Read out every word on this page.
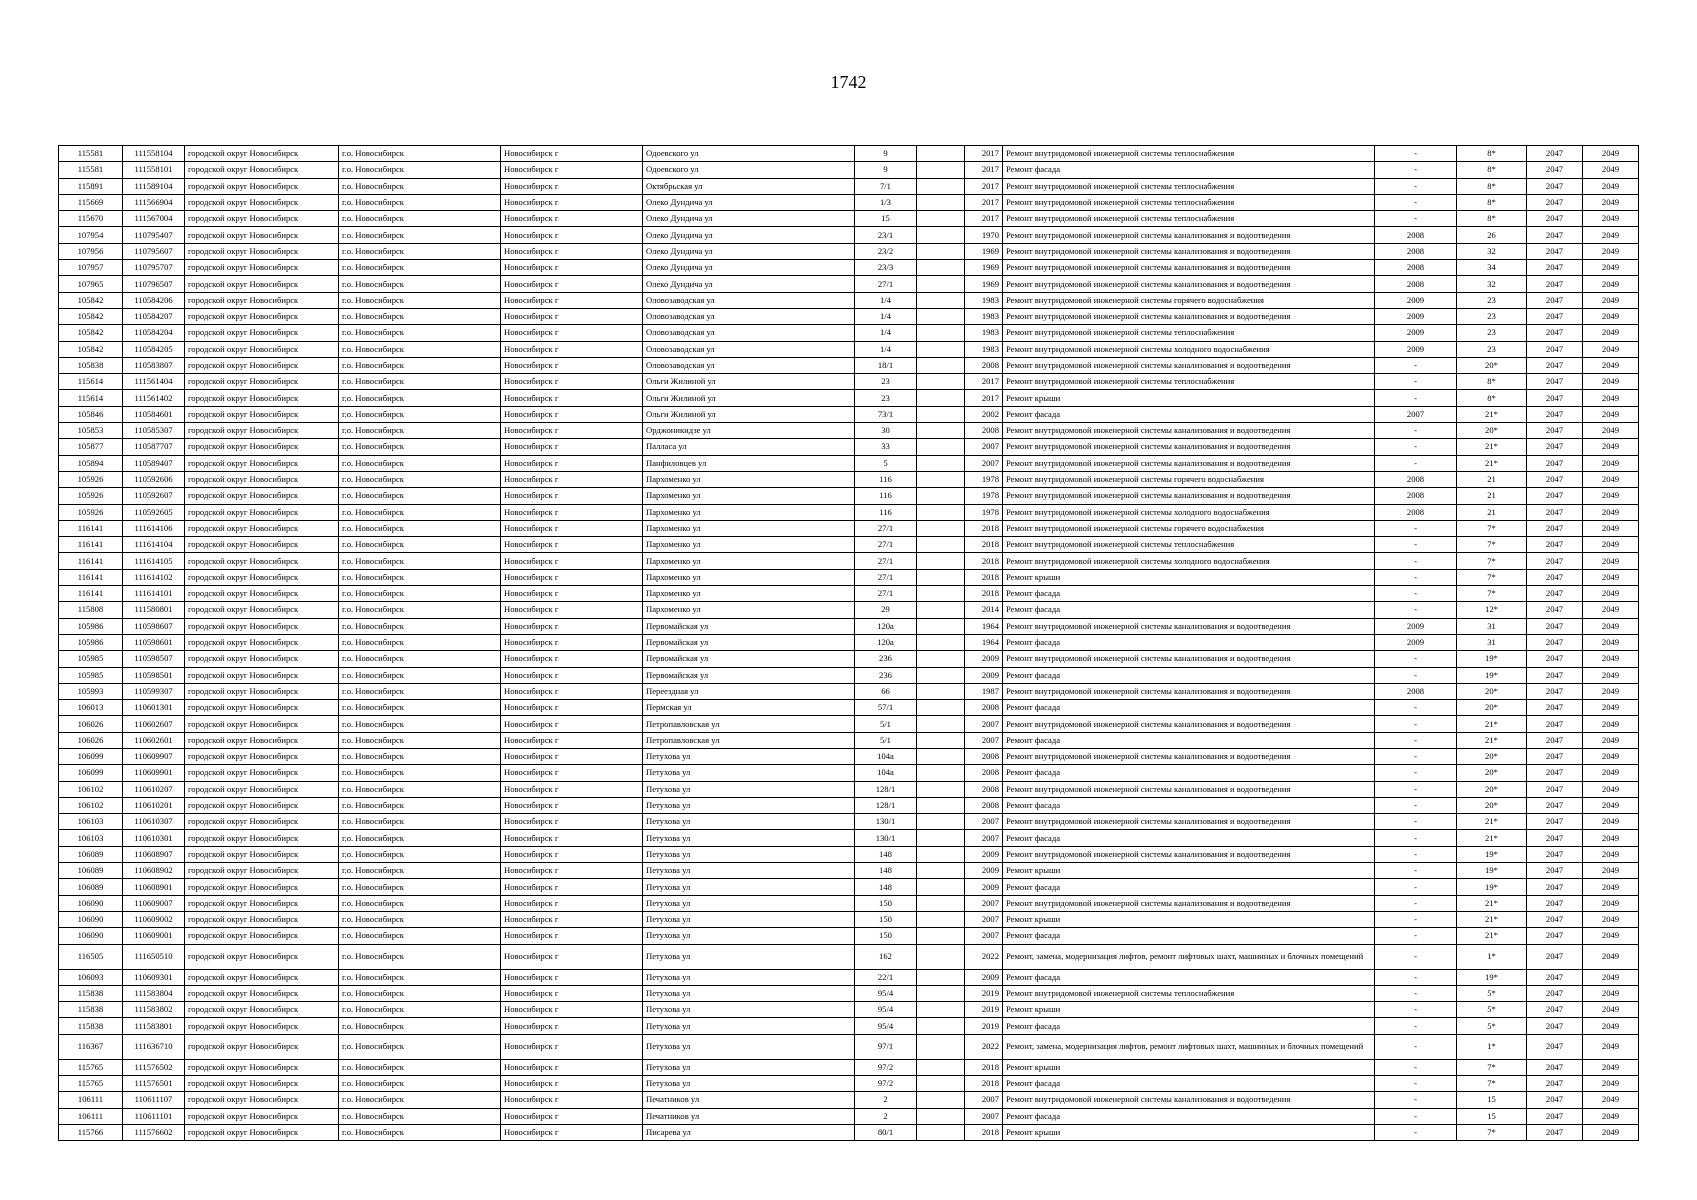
1742
115581	111558104	городской округ Новосибирск	г.о. Новосибирск	Новосибирск г	Одоевского ул	9		2017	Ремонт внутридомовой инженерной системы теплоснабжения	-	8*	2047	2049
115581	111558101	городской округ Новосибирск	г.о. Новосибирск	Новосибирск г	Одоевского ул	9		2017	Ремонт фасада	-	8*	2047	2049
115891	111589104	городской округ Новосибирск	г.о. Новосибирск	Новосибирск г	Октябрьская ул	7/1		2017	Ремонт внутридомовой инженерной системы теплоснабжения	-	8*	2047	2049
115669	111566904	городской округ Новосибирск	г.о. Новосибирск	Новосибирск г	Олеко Дундича ул	1/3		2017	Ремонт внутридомовой инженерной системы теплоснабжения	-	8*	2047	2049
115670	111567004	городской округ Новосибирск	г.о. Новосибирск	Новосибирск г	Олеко Дундича ул	15		2017	Ремонт внутридомовой инженерной системы теплоснабжения	-	8*	2047	2049
107954	110795407	городской округ Новосибирск	г.о. Новосибирск	Новосибирск г	Олеко Дундича ул	23/1		1970	Ремонт внутридомовой инженерной системы канализования и водоотведения	2008	26	2047	2049
107956	110795607	городской округ Новосибирск	г.о. Новосибирск	Новосибирск г	Олеко Дундича ул	23/2		1969	Ремонт внутридомовой инженерной системы канализования и водоотведения	2008	32	2047	2049
107957	110795707	городской округ Новосибирск	г.о. Новосибирск	Новосибирск г	Олеко Дундича ул	23/3		1969	Ремонт внутридомовой инженерной системы канализования и водоотведения	2008	34	2047	2049
107965	110796507	городской округ Новосибирск	г.о. Новосибирск	Новосибирск г	Олеко Дундича ул	27/1		1969	Ремонт внутридомовой инженерной системы канализования и водоотведения	2008	32	2047	2049
105842	110584206	городской округ Новосибирск	г.о. Новосибирск	Новосибирск г	Оловозаводская ул	1/4		1983	Ремонт внутридомовой инженерной системы горячего водоснабжения	2009	23	2047	2049
105842	110584207	городской округ Новосибирск	г.о. Новосибирск	Новосибирск г	Оловозаводская ул	1/4		1983	Ремонт внутридомовой инженерной системы канализования и водоотведения	2009	23	2047	2049
105842	110584204	городской округ Новосибирск	г.о. Новосибирск	Новосибирск г	Оловозаводская ул	1/4		1983	Ремонт внутридомовой инженерной системы теплоснабжения	2009	23	2047	2049
105842	110584205	городской округ Новосибирск	г.о. Новосибирск	Новосибирск г	Оловозаводская ул	1/4		1983	Ремонт внутридомовой инженерной системы холодного водоснабжения	2009	23	2047	2049
105838	110583807	городской округ Новосибирск	г.о. Новосибирск	Новосибирск г	Оловозаводская ул	18/1		2008	Ремонт внутридомовой инженерной системы канализования и водоотведения	-	20*	2047	2049
115614	111561404	городской округ Новосибирск	г.о. Новосибирск	Новосибирск г	Ольги Жилиной ул	23		2017	Ремонт внутридомовой инженерной системы теплоснабжения	-	8*	2047	2049
115614	111561402	городской округ Новосибирск	г.о. Новосибирск	Новосибирск г	Ольги Жилиной ул	23		2017	Ремонт крыши	-	8*	2047	2049
105846	110584601	городской округ Новосибирск	г.о. Новосибирск	Новосибирск г	Ольги Жилиной ул	73/1		2002	Ремонт фасада	2007	21*	2047	2049
105853	110585307	городской округ Новосибирск	г.о. Новосибирск	Новосибирск г	Орджоникидзе ул	30		2008	Ремонт внутридомовой инженерной системы канализования и водоотведения	-	20*	2047	2049
105877	110587707	городской округ Новосибирск	г.о. Новосибирск	Новосибирск г	Палласа ул	33		2007	Ремонт внутридомовой инженерной системы канализования и водоотведения	-	21*	2047	2049
105894	110589407	городской округ Новосибирск	г.о. Новосибирск	Новосибирск г	Панфиловцев ул	5		2007	Ремонт внутридомовой инженерной системы канализования и водоотведения	-	21*	2047	2049
105926	110592606	городской округ Новосибирск	г.о. Новосибирск	Новосибирск г	Пархоменко ул	116		1978	Ремонт внутридомовой инженерной системы горячего водоснабжения	2008	21	2047	2049
105926	110592607	городской округ Новосибирск	г.о. Новосибирск	Новосибирск г	Пархоменко ул	116		1978	Ремонт внутридомовой инженерной системы канализования и водоотведения	2008	21	2047	2049
105926	110592605	городской округ Новосибирск	г.о. Новосибирск	Новосибирск г	Пархоменко ул	116		1978	Ремонт внутридомовой инженерной системы холодного водоснабжения	2008	21	2047	2049
116141	111614106	городской округ Новосибирск	г.о. Новосибирск	Новосибирск г	Пархоменко ул	27/1		2018	Ремонт внутридомовой инженерной системы горячего водоснабжения	-	7*	2047	2049
116141	111614104	городской округ Новосибирск	г.о. Новосибирск	Новосибирск г	Пархоменко ул	27/1		2018	Ремонт внутридомовой инженерной системы теплоснабжения	-	7*	2047	2049
116141	111614105	городской округ Новосибирск	г.о. Новосибирск	Новосибирск г	Пархоменко ул	27/1		2018	Ремонт внутридомовой инженерной системы холодного водоснабжения	-	7*	2047	2049
116141	111614102	городской округ Новосибирск	г.о. Новосибирск	Новосибирск г	Пархоменко ул	27/1		2018	Ремонт крыши	-	7*	2047	2049
116141	111614101	городской округ Новосибирск	г.о. Новосибирск	Новосибирск г	Пархоменко ул	27/1		2018	Ремонт фасада	-	7*	2047	2049
115808	111580801	городской округ Новосибирск	г.о. Новосибирск	Новосибирск г	Пархоменко ул	29		2014	Ремонт фасада	-	12*	2047	2049
105986	110598607	городской округ Новосибирск	г.о. Новосибирск	Новосибирск г	Первомайская ул	120а		1964	Ремонт внутридомовой инженерной системы канализования и водоотведения	2009	31	2047	2049
105986	110598601	городской округ Новосибирск	г.о. Новосибирск	Новосибирск г	Первомайская ул	120а		1964	Ремонт фасада	2009	31	2047	2049
105985	110598507	городской округ Новосибирск	г.о. Новосибирск	Новосибирск г	Первомайская ул	236		2009	Ремонт внутридомовой инженерной системы канализования и водоотведения	-	19*	2047	2049
105985	110598501	городской округ Новосибирск	г.о. Новосибирск	Новосибирск г	Первомайская ул	236		2009	Ремонт фасада	-	19*	2047	2049
105993	110599307	городской округ Новосибирск	г.о. Новосибирск	Новосибирск г	Переездная ул	66		1987	Ремонт внутридомовой инженерной системы канализования и водоотведения	2008	20*	2047	2049
106013	110601301	городской округ Новосибирск	г.о. Новосибирск	Новосибирск г	Пермская ул	57/1		2008	Ремонт фасада	-	20*	2047	2049
106026	110602607	городской округ Новосибирск	г.о. Новосибирск	Новосибирск г	Петропавловская ул	5/1		2007	Ремонт внутридомовой инженерной системы канализования и водоотведения	-	21*	2047	2049
106026	110602601	городской округ Новосибирск	г.о. Новосибирск	Новосибирск г	Петропавловская ул	5/1		2007	Ремонт фасада	-	21*	2047	2049
106099	110609907	городской округ Новосибирск	г.о. Новосибирск	Новосибирск г	Петухова ул	104а		2008	Ремонт внутридомовой инженерной системы канализования и водоотведения	-	20*	2047	2049
106099	110609901	городской округ Новосибирск	г.о. Новосибирск	Новосибирск г	Петухова ул	104а		2008	Ремонт фасада	-	20*	2047	2049
106102	110610207	городской округ Новосибирск	г.о. Новосибирск	Новосибирск г	Петухова ул	128/1		2008	Ремонт внутридомовой инженерной системы канализования и водоотведения	-	20*	2047	2049
106102	110610201	городской округ Новосибирск	г.о. Новосибирск	Новосибирск г	Петухова ул	128/1		2008	Ремонт фасада	-	20*	2047	2049
106103	110610307	городской округ Новосибирск	г.о. Новосибирск	Новосибирск г	Петухова ул	130/1		2007	Ремонт внутридомовой инженерной системы канализования и водоотведения	-	21*	2047	2049
106103	110610301	городской округ Новосибирск	г.о. Новосибирск	Новосибирск г	Петухова ул	130/1		2007	Ремонт фасада	-	21*	2047	2049
106089	110608907	городской округ Новосибирск	г.о. Новосибирск	Новосибирск г	Петухова ул	148		2009	Ремонт внутридомовой инженерной системы канализования и водоотведения	-	19*	2047	2049
106089	110608902	городской округ Новосибирск	г.о. Новосибирск	Новосибирск г	Петухова ул	148		2009	Ремонт крыши	-	19*	2047	2049
106089	110608901	городской округ Новосибирск	г.о. Новосибирск	Новосибирск г	Петухова ул	148		2009	Ремонт фасада	-	19*	2047	2049
106090	110609007	городской округ Новосибирск	г.о. Новосибирск	Новосибирск г	Петухова ул	150		2007	Ремонт внутридомовой инженерной системы канализования и водоотведения	-	21*	2047	2049
106090	110609002	городской округ Новосибирск	г.о. Новосибирск	Новосибирск г	Петухова ул	150		2007	Ремонт крыши	-	21*	2047	2049
106090	110609001	городской округ Новосибирск	г.о. Новосибирск	Новосибирск г	Петухова ул	150		2007	Ремонт фасада	-	21*	2047	2049
116505	111650510	городской округ Новосибирск	г.о. Новосибирск	Новосибирск г	Петухова ул	162		2022	Ремонт, замена, модернизация лифтов, ремонт лифтовых шахт, машинных и блочных помещений	-	1*	2047	2049
106093	110609301	городской округ Новосибирск	г.о. Новосибирск	Новосибирск г	Петухова ул	22/1		2009	Ремонт фасада	-	19*	2047	2049
115838	111583804	городской округ Новосибирск	г.о. Новосибирск	Новосибирск г	Петухова ул	95/4		2019	Ремонт внутридомовой инженерной системы теплоснабжения	-	5*	2047	2049
115838	111583802	городской округ Новосибирск	г.о. Новосибирск	Новосибирск г	Петухова ул	95/4		2019	Ремонт крыши	-	5*	2047	2049
115838	111583801	городской округ Новосибирск	г.о. Новосибирск	Новосибирск г	Петухова ул	95/4		2019	Ремонт фасада	-	5*	2047	2049
116367	111636710	городской округ Новосибирск	г.о. Новосибирск	Новосибирск г	Петухова ул	97/1		2022	Ремонт, замена, модернизация лифтов, ремонт лифтовых шахт, машинных и блочных помещений	-	1*	2047	2049
115765	111576502	городской округ Новосибирск	г.о. Новосибирск	Новосибирск г	Петухова ул	97/2		2018	Ремонт крыши	-	7*	2047	2049
115765	111576501	городской округ Новосибирск	г.о. Новосибирск	Новосибирск г	Петухова ул	97/2		2018	Ремонт фасада	-	7*	2047	2049
106111	110611107	городской округ Новосибирск	г.о. Новосибирск	Новосибирск г	Печатников ул	2		2007	Ремонт внутридомовой инженерной системы канализования и водоотведения	-	15	2047	2049
106111	110611101	городской округ Новосибирск	г.о. Новосибирск	Новосибирск г	Печатников ул	2		2007	Ремонт фасада	-	15	2047	2049
115766	111576602	городской округ Новосибирск	г.о. Новосибирск	Новосибирск г	Писарева ул	80/1		2018	Ремонт крыши	-	7*	2047	2049
